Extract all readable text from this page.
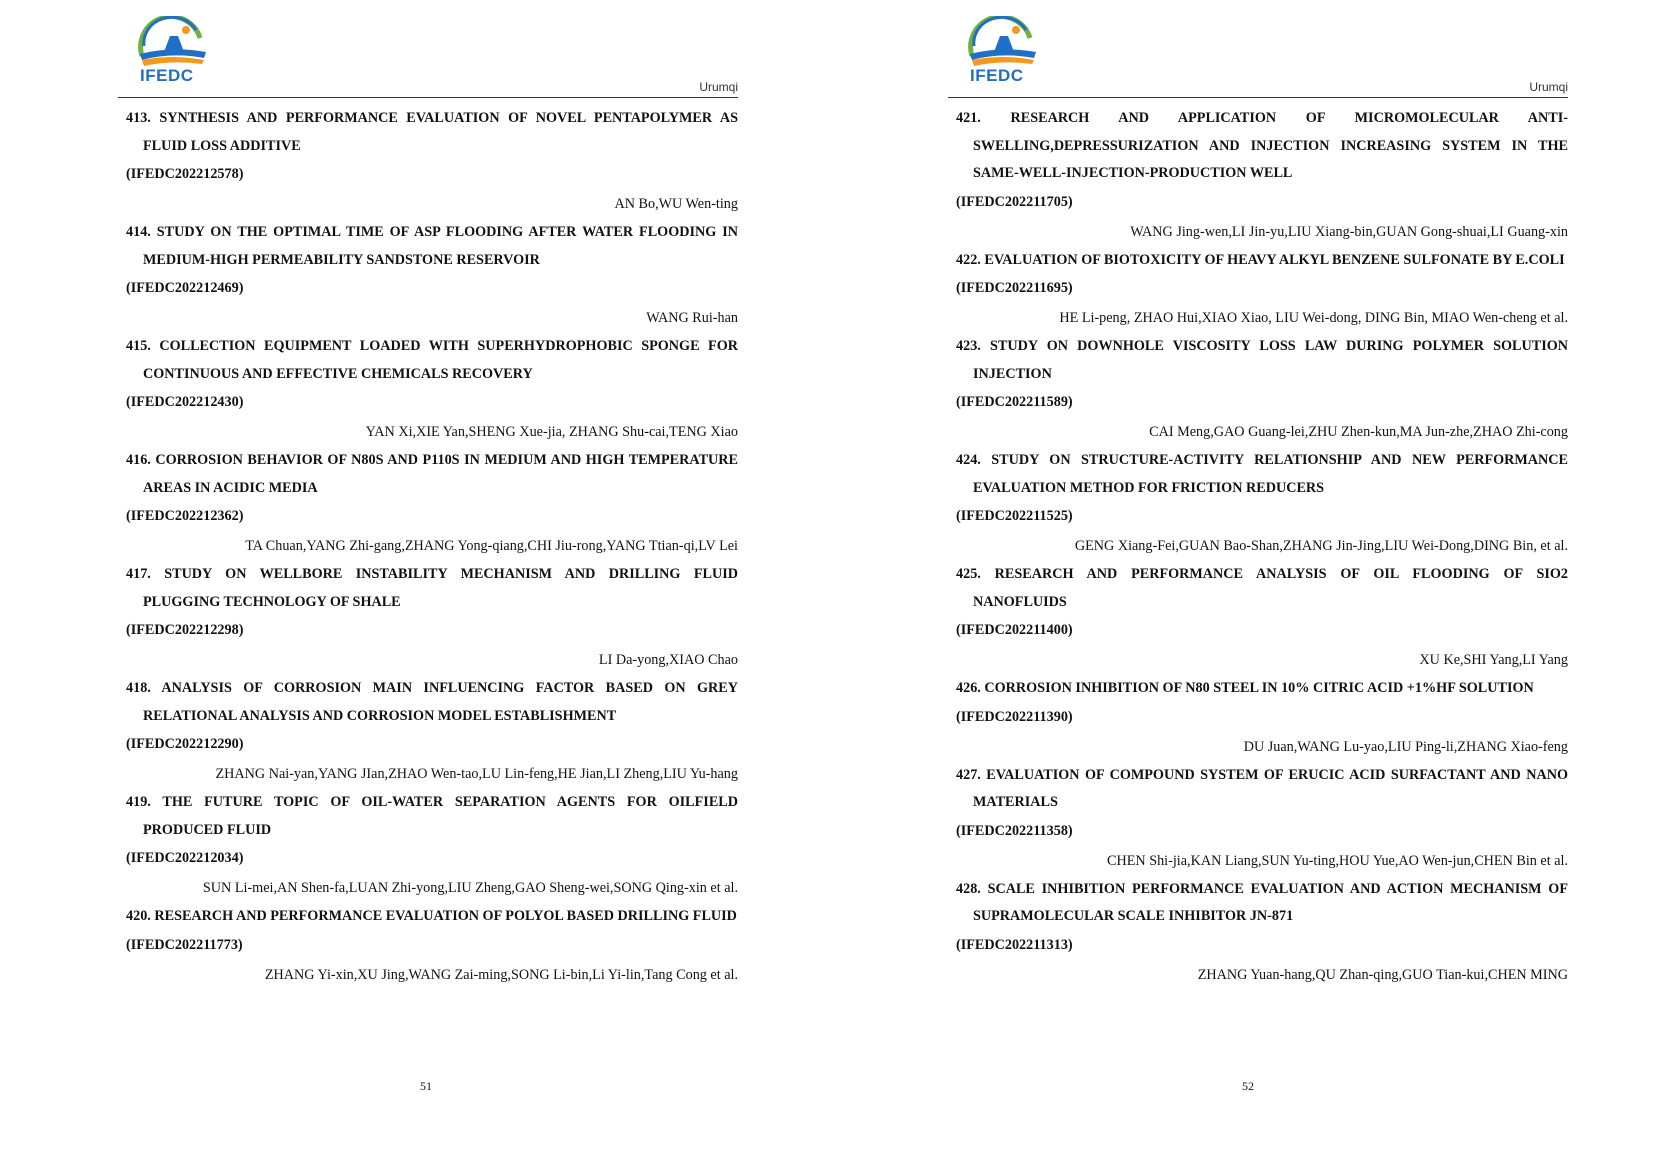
IFEDC
Urumqi
413. SYNTHESIS AND PERFORMANCE EVALUATION OF NOVEL PENTAPOLYMER AS FLUID LOSS ADDITIVE
(IFEDC202212578)
AN Bo,WU Wen-ting
414. STUDY ON THE OPTIMAL TIME OF ASP FLOODING AFTER WATER FLOODING IN MEDIUM-HIGH PERMEABILITY SANDSTONE RESERVOIR
(IFEDC202212469)
WANG Rui-han
415. COLLECTION EQUIPMENT LOADED WITH SUPERHYDROPHOBIC SPONGE FOR CONTINUOUS AND EFFECTIVE CHEMICALS RECOVERY
(IFEDC202212430)
YAN Xi,XIE Yan,SHENG Xue-jia, ZHANG Shu-cai,TENG Xiao
416. CORROSION BEHAVIOR OF N80S AND P110S IN MEDIUM AND HIGH TEMPERATURE AREAS IN ACIDIC MEDIA
(IFEDC202212362)
TA Chuan,YANG Zhi-gang,ZHANG Yong-qiang,CHI Jiu-rong,YANG Ttian-qi,LV Lei
417. STUDY ON WELLBORE INSTABILITY MECHANISM AND DRILLING FLUID PLUGGING TECHNOLOGY OF SHALE
(IFEDC202212298)
LI Da-yong,XIAO Chao
418. ANALYSIS OF CORROSION MAIN INFLUENCING FACTOR BASED ON GREY RELATIONAL ANALYSIS AND CORROSION MODEL ESTABLISHMENT
(IFEDC202212290)
ZHANG Nai-yan,YANG JIan,ZHAO Wen-tao,LU Lin-feng,HE Jian,LI Zheng,LIU Yu-hang
419. THE FUTURE TOPIC OF OIL-WATER SEPARATION AGENTS FOR OILFIELD PRODUCED FLUID
(IFEDC202212034)
SUN Li-mei,AN Shen-fa,LUAN Zhi-yong,LIU Zheng,GAO Sheng-wei,SONG Qing-xin et al.
420. RESEARCH AND PERFORMANCE EVALUATION OF POLYOL BASED DRILLING FLUID
(IFEDC202211773)
ZHANG Yi-xin,XU Jing,WANG Zai-ming,SONG Li-bin,Li Yi-lin,Tang Cong et al.
51
IFEDC
Urumqi
421. RESEARCH AND APPLICATION OF MICROMOLECULAR ANTI-SWELLING,DEPRESSURIZATION AND INJECTION INCREASING SYSTEM IN THE SAME-WELL-INJECTION-PRODUCTION WELL
(IFEDC202211705)
WANG Jing-wen,LI Jin-yu,LIU Xiang-bin,GUAN Gong-shuai,LI Guang-xin
422. EVALUATION OF BIOTOXICITY OF HEAVY ALKYL BENZENE SULFONATE BY E.COLI
(IFEDC202211695)
HE Li-peng, ZHAO Hui,XIAO Xiao, LIU Wei-dong, DING Bin, MIAO Wen-cheng et al.
423. STUDY ON DOWNHOLE VISCOSITY LOSS LAW DURING POLYMER SOLUTION INJECTION
(IFEDC202211589)
CAI Meng,GAO Guang-lei,ZHU Zhen-kun,MA Jun-zhe,ZHAO Zhi-cong
424. STUDY ON STRUCTURE-ACTIVITY RELATIONSHIP AND NEW PERFORMANCE EVALUATION METHOD FOR FRICTION REDUCERS
(IFEDC202211525)
GENG Xiang-Fei,GUAN Bao-Shan,ZHANG Jin-Jing,LIU Wei-Dong,DING Bin, et al.
425. RESEARCH AND PERFORMANCE ANALYSIS OF OIL FLOODING OF SIO2 NANOFLUIDS
(IFEDC202211400)
XU Ke,SHI Yang,LI Yang
426. CORROSION INHIBITION OF N80 STEEL IN 10% CITRIC ACID +1%HF SOLUTION
(IFEDC202211390)
DU Juan,WANG Lu-yao,LIU Ping-li,ZHANG Xiao-feng
427. EVALUATION OF COMPOUND SYSTEM OF ERUCIC ACID SURFACTANT AND NANO MATERIALS
(IFEDC202211358)
CHEN Shi-jia,KAN Liang,SUN Yu-ting,HOU Yue,AO Wen-jun,CHEN Bin et al.
428. SCALE INHIBITION PERFORMANCE EVALUATION AND ACTION MECHANISM OF SUPRAMOLECULAR SCALE INHIBITOR JN-871
(IFEDC202211313)
ZHANG Yuan-hang,QU Zhan-qing,GUO Tian-kui,CHEN MING
52
